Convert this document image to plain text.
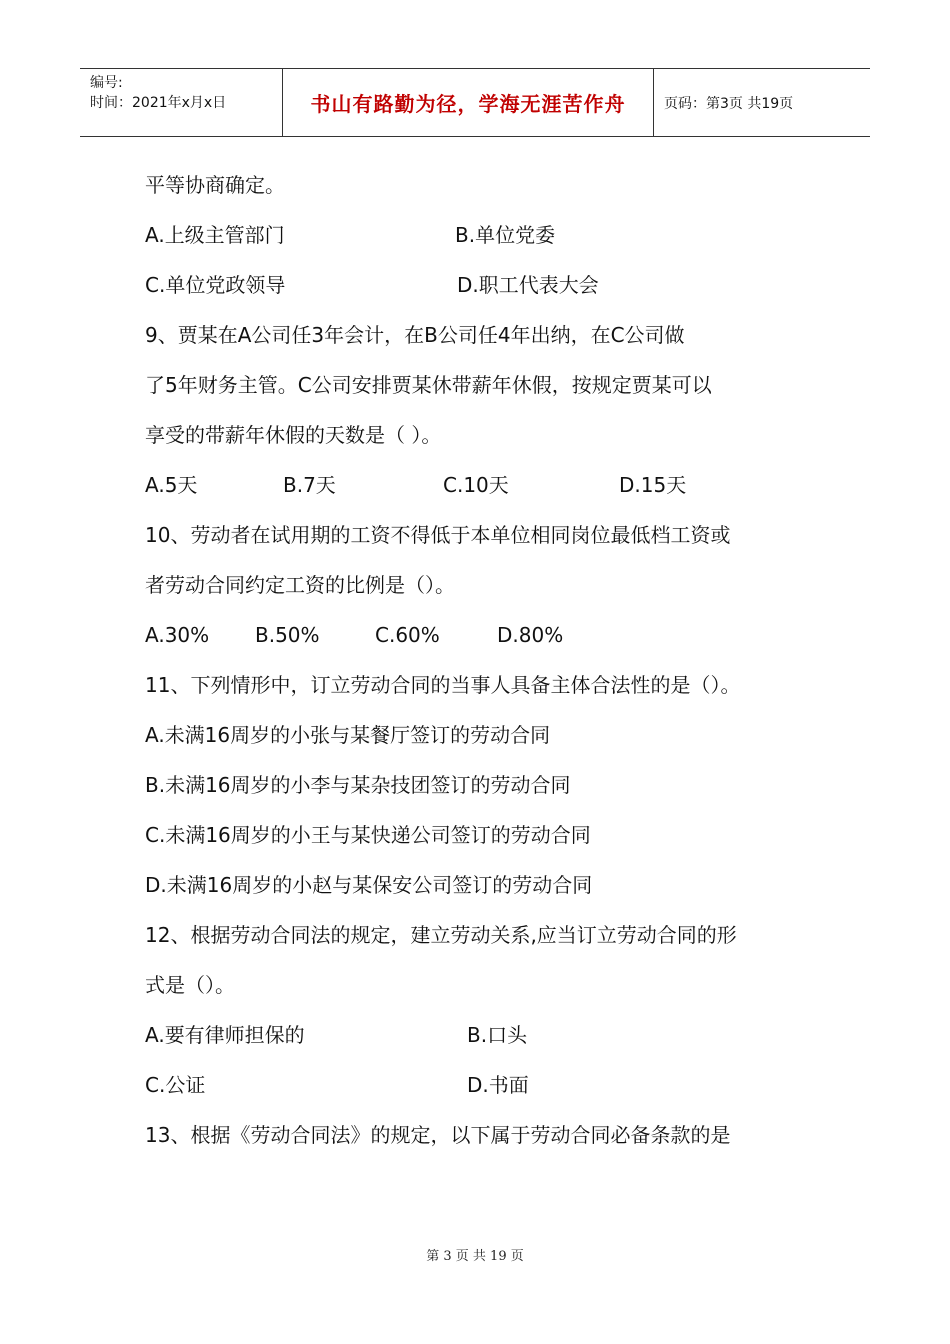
编号:
时间：2021年x月x日	书山有路勤为径，学海无涯苦作舟	页码：第3页 共19页
平等协商确定。
A.上级主管部门	B.单位党委
C.单位党政领导	D.职工代表大会
9、贾某在A公司任3年会计，在B公司任4年出纳，在C公司做
了5年财务主管。C公司安排贾某休带薪年休假，按规定贾某可以
享受的带薪年休假的天数是（ ）。
A.5天	B.7天	C.10天	D.15天
10、劳动者在试用期的工资不得低于本单位相同岗位最低档工资或
者劳动合同约定工资的比例是（）。
A.30% B.50%	C.60%	D.80%
11、下列情形中，订立劳动合同的当事人具备主体合法性的是（）。
A.未满16周岁的小张与某餐厅签订的劳动合同
B.未满16周岁的小李与某杂技团签订的劳动合同
C.未满16周岁的小王与某快递公司签订的劳动合同
D.未满16周岁的小赵与某保安公司签订的劳动合同
12、根据劳动合同法的规定，建立劳动关系,应当订立劳动合同的形
式是（）。
A.要有律师担保的	B.口头
C.公证	D.书面
13、根据《劳动合同法》的规定，以下属于劳动合同必备条款的是
第 3 页 共 19 页
